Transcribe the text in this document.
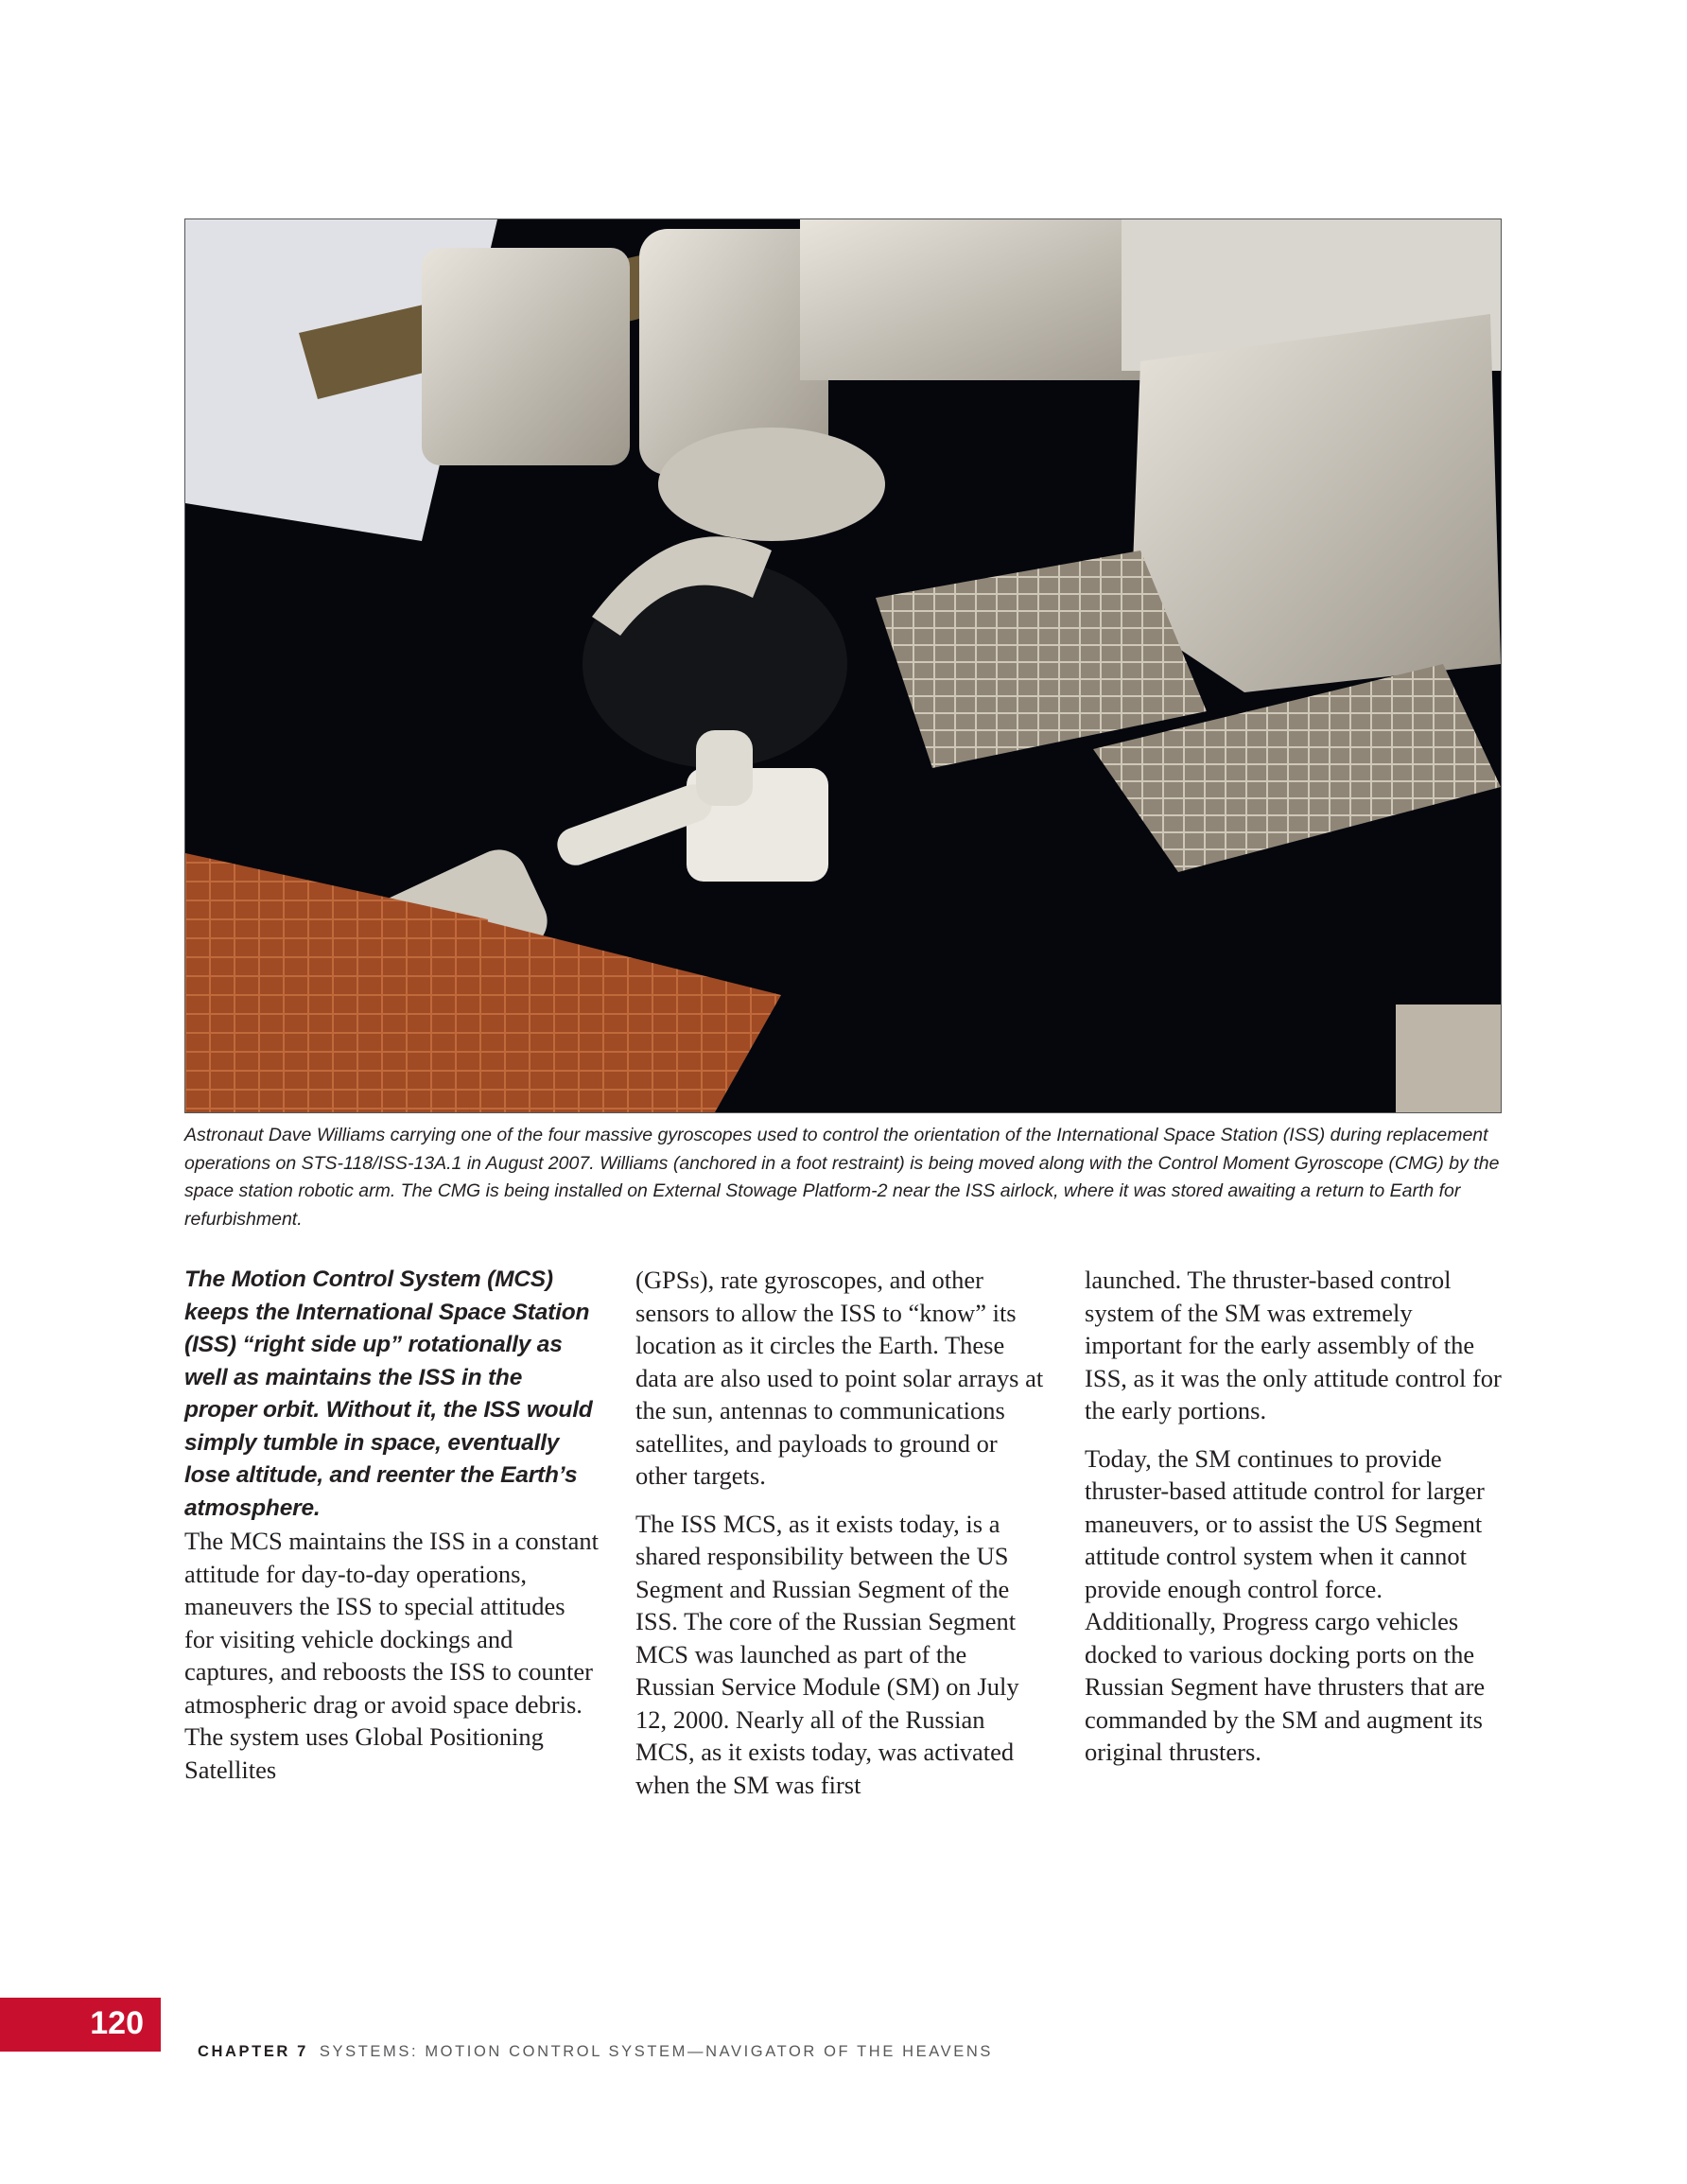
Astronaut Dave Williams carrying one of the four massive gyroscopes used to control the orientation of the International Space Station (ISS) during replacement operations on STS-118/ISS-13A.1 in August 2007. Williams (anchored in a foot restraint) is being moved along with the Control Moment Gyroscope (CMG) by the space station robotic arm. The CMG is being installed on External Stowage Platform-2 near the ISS airlock, where it was stored awaiting a return to Earth for refurbishment.
The Motion Control System (MCS) keeps the International Space Station (ISS) “right side up” rotationally as well as maintains the ISS in the proper orbit. Without it, the ISS would simply tumble in space, eventually lose altitude, and reenter the Earth’s atmosphere.

The MCS maintains the ISS in a constant attitude for day-to-day operations, maneuvers the ISS to special attitudes for visiting vehicle dockings and captures, and reboosts the ISS to counter atmospheric drag or avoid space debris. The system uses Global Positioning Satellites

(GPSs), rate gyroscopes, and other sensors to allow the ISS to “know” its location as it circles the Earth. These data are also used to point solar arrays at the sun, antennas to communications satellites, and payloads to ground or other targets.

The ISS MCS, as it exists today, is a shared responsibility between the US Segment and Russian Segment of the ISS. The core of the Russian Segment MCS was launched as part of the Russian Service Module (SM) on July 12, 2000. Nearly all of the Russian MCS, as it exists today, was activated when the SM was first

launched. The thruster-based control system of the SM was extremely important for the early assembly of the ISS, as it was the only attitude control for the early portions.

Today, the SM continues to provide thruster-based attitude control for larger maneuvers, or to assist the US Segment attitude control system when it cannot provide enough control force. Additionally, Progress cargo vehicles docked to various docking ports on the Russian Segment have thrusters that are commanded by the SM and augment its original thrusters.

120
CHAPTER 7 SYSTEMS: MOTION CONTROL SYSTEM—NAVIGATOR OF THE HEAVENS
